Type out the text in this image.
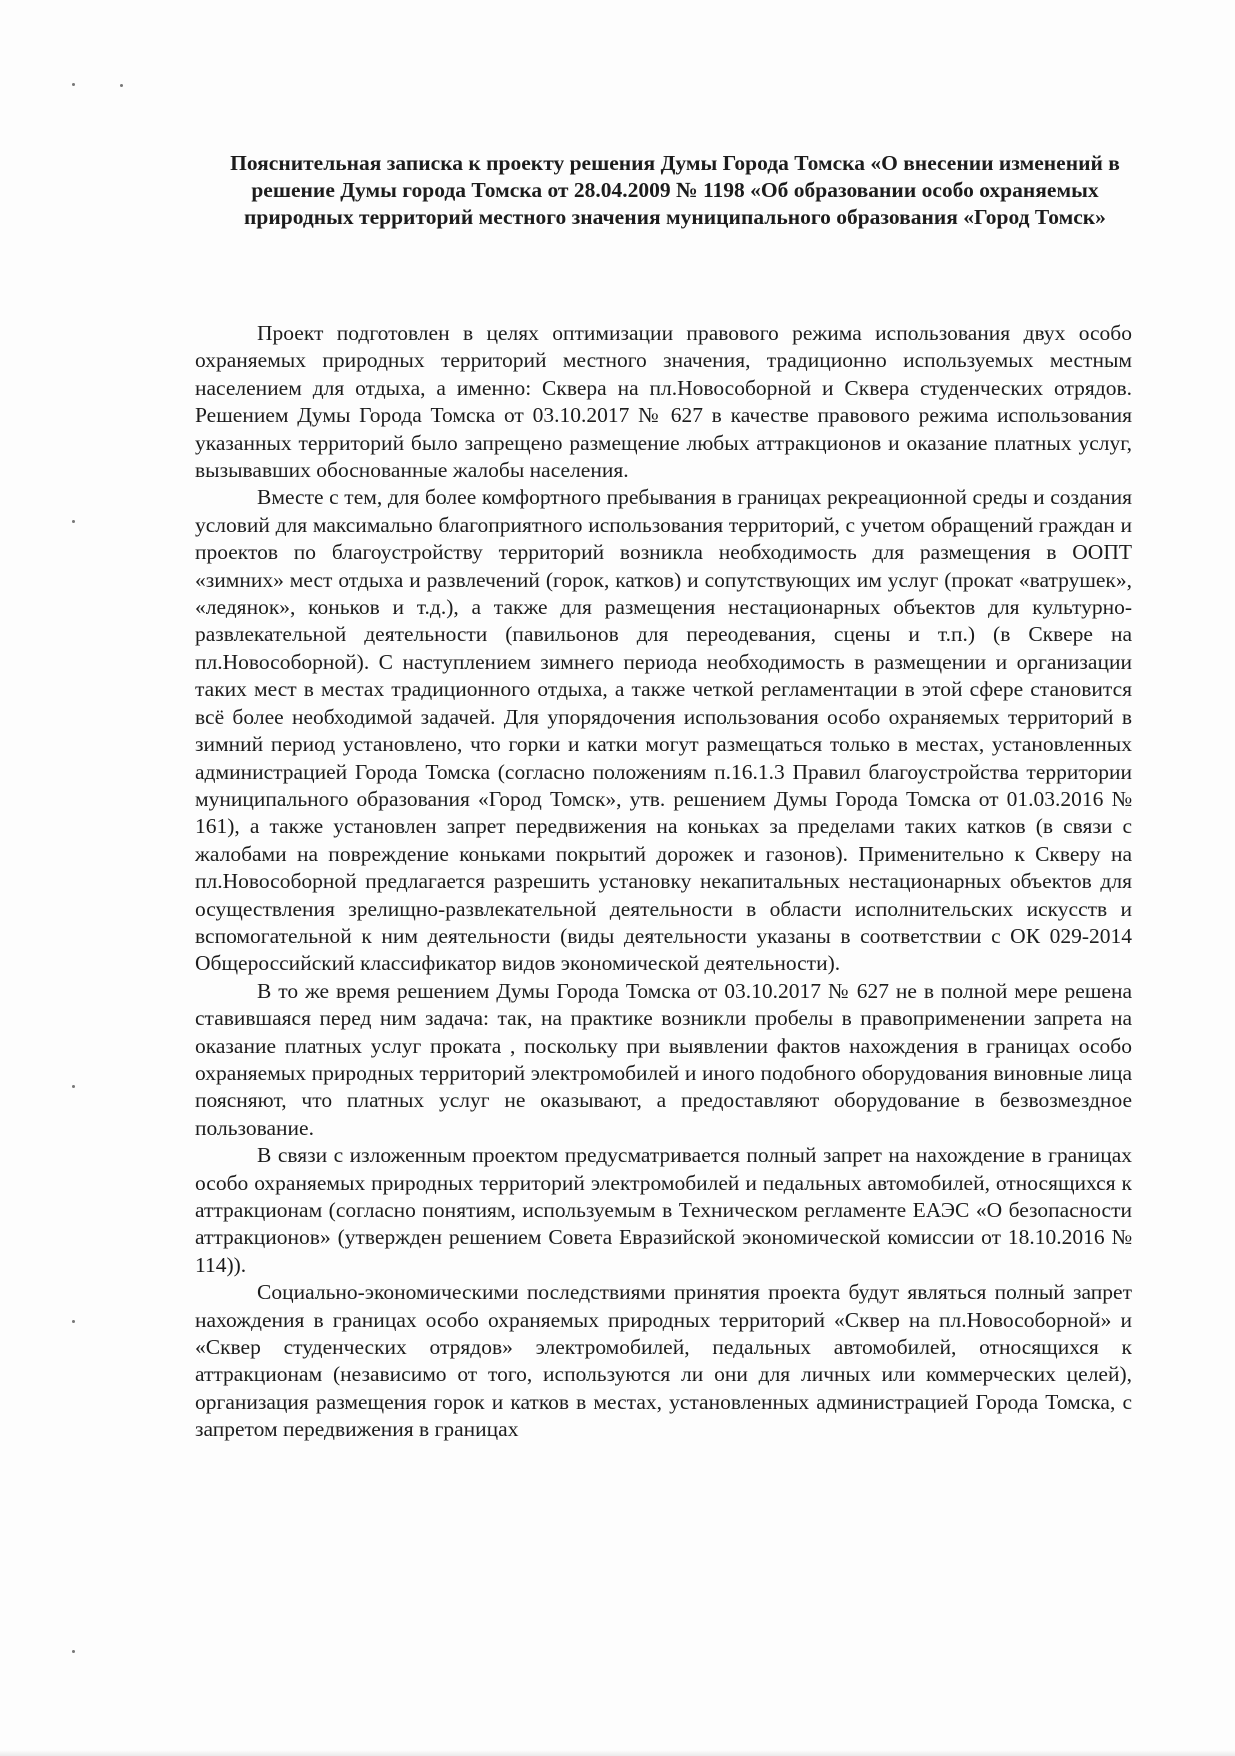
Пояснительная записка к проекту решения Думы Города Томска «О внесении изменений в решение Думы города Томска от 28.04.2009 № 1198 «Об образовании особо охраняемых природных территорий местного значения муниципального образования «Город Томск»

Проект подготовлен в целях оптимизации правового режима использования двух особо охраняемых природных территорий местного значения, традиционно используемых местным населением для отдыха, а именно: Сквера на пл.Новособорной и Сквера студенческих отрядов. Решением Думы Города Томска от 03.10.2017 № 627 в качестве правового режима использования указанных территорий было запрещено размещение любых аттракционов и оказание платных услуг, вызывавших обоснованные жалобы населения.

Вместе с тем, для более комфортного пребывания в границах рекреационной среды и создания условий для максимально благоприятного использования территорий, с учетом обращений граждан и проектов по благоустройству территорий возникла необходимость для размещения в ООПТ «зимних» мест отдыха и развлечений (горок, катков) и сопутствующих им услуг (прокат «ватрушек», «ледянок», коньков и т.д.), а также для размещения нестационарных объектов для культурно-развлекательной деятельности (павильонов для переодевания, сцены и т.п.) (в Сквере на пл.Новособорной). С наступлением зимнего периода необходимость в размещении и организации таких мест в местах традиционного отдыха, а также четкой регламентации в этой сфере становится всё более необходимой задачей. Для упорядочения использования особо охраняемых территорий в зимний период установлено, что горки и катки могут размещаться только в местах, установленных администрацией Города Томска (согласно положениям п.16.1.3 Правил благоустройства территории муниципального образования «Город Томск», утв. решением Думы Города Томска от 01.03.2016 № 161), а также установлен запрет передвижения на коньках за пределами таких катков (в связи с жалобами на повреждение коньками покрытий дорожек и газонов). Применительно к Скверу на пл.Новособорной предлагается разрешить установку некапитальных нестационарных объектов для осуществления зрелищно-развлекательной деятельности в области исполнительских искусств и вспомогательной к ним деятельности (виды деятельности указаны в соответствии с ОК 029-2014 Общероссийский классификатор видов экономической деятельности).

В то же время решением Думы Города Томска от 03.10.2017 № 627 не в полной мере решена ставившаяся перед ним задача: так, на практике возникли пробелы в правоприменении запрета на оказание платных услуг проката , поскольку при выявлении фактов нахождения в границах особо охраняемых природных территорий электромобилей и иного подобного оборудования виновные лица поясняют, что платных услуг не оказывают, а предоставляют оборудование в безвозмездное пользование.

В связи с изложенным проектом предусматривается полный запрет на нахождение в границах особо охраняемых природных территорий электромобилей и педальных автомобилей, относящихся к аттракционам (согласно понятиям, используемым в Техническом регламенте ЕАЭС «О безопасности аттракционов» (утвержден решением Совета Евразийской экономической комиссии от 18.10.2016 № 114)).

Социально-экономическими последствиями принятия проекта будут являться полный запрет нахождения в границах особо охраняемых природных территорий «Сквер на пл.Новособорной» и «Сквер студенческих отрядов» электромобилей, педальных автомобилей, относящихся к аттракционам (независимо от того, используются ли они для личных или коммерческих целей), организация размещения горок и катков в местах, установленных администрацией Города Томска, с запретом передвижения в границах
